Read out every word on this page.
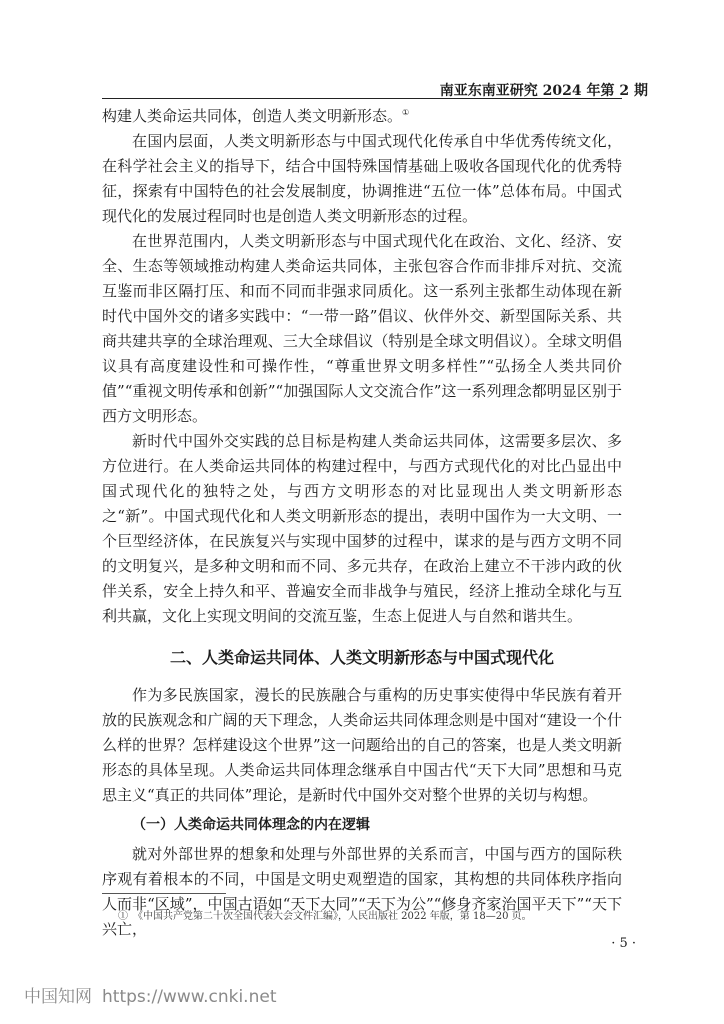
南亚东南亚研究 2024 年第 2 期

构建人类命运共同体，创造人类文明新形态。①

在国内层面，人类文明新形态与中国式现代化传承自中华优秀传统文化，在科学社会主义的指导下，结合中国特殊国情基础上吸收各国现代化的优秀特征，探索有中国特色的社会发展制度，协调推进“五位一体”总体布局。中国式现代化的发展过程同时也是创造人类文明新形态的过程。

在世界范围内，人类文明新形态与中国式现代化在政治、文化、经济、安全、生态等领域推动构建人类命运共同体，主张包容合作而非排斥对抗、交流互鉴而非区隔打压、和而不同而非强求同质化。这一系列主张都生动体现在新时代中国外交的诸多实践中：“一带一路”倡议、伙伴外交、新型国际关系、共商共建共享的全球治理观、三大全球倡议（特别是全球文明倡议）。全球文明倡议具有高度建设性和可操作性，“尊重世界文明多样性”“弘扬全人类共同价值”“重视文明传承和创新”“加强国际人文交流合作”这一系列理念都明显区别于西方文明形态。

新时代中国外交实践的总目标是构建人类命运共同体，这需要多层次、多方位进行。在人类命运共同体的构建过程中，与西方式现代化的对比凸显出中国式现代化的独特之处，与西方文明形态的对比显现出人类文明新形态之“新”。中国式现代化和人类文明新形态的提出，表明中国作为一大文明、一个巨型经济体，在民族复兴与实现中国梦的过程中，谋求的是与西方文明不同的文明复兴，是多种文明和而不同、多元共存，在政治上建立不干涉内政的伙伴关系，安全上持久和平、普遍安全而非战争与殖民，经济上推动全球化与互利共赢，文化上实现文明间的交流互鉴，生态上促进人与自然和谐共生。

二、人类命运共同体、人类文明新形态与中国式现代化

作为多民族国家，漫长的民族融合与重构的历史事实使得中华民族有着开放的民族观念和广阔的天下理念，人类命运共同体理念则是中国对“建设一个什么样的世界？怎样建设这个世界”这一问题给出的自己的答案，也是人类文明新形态的具体呈现。人类命运共同体理念继承自中国古代“天下大同”思想和马克思主义“真正的共同体”理论，是新时代中国外交对整个世界的关切与构想。

（一）人类命运共同体理念的内在逻辑

就对外部世界的想象和处理与外部世界的关系而言，中国与西方的国际秩序观有着根本的不同，中国是文明史观塑造的国家，其构想的共同体秩序指向人而非“区域”，中国古语如“天下大同”“天下为公”“修身齐家治国平天下”“天下兴亡，

①　《中国共产党第二十次全国代表大会文件汇编》，人民出版社 2022 年版，第 18—20 页。
· 5 ·
中国知网 https://www.cnki.net
